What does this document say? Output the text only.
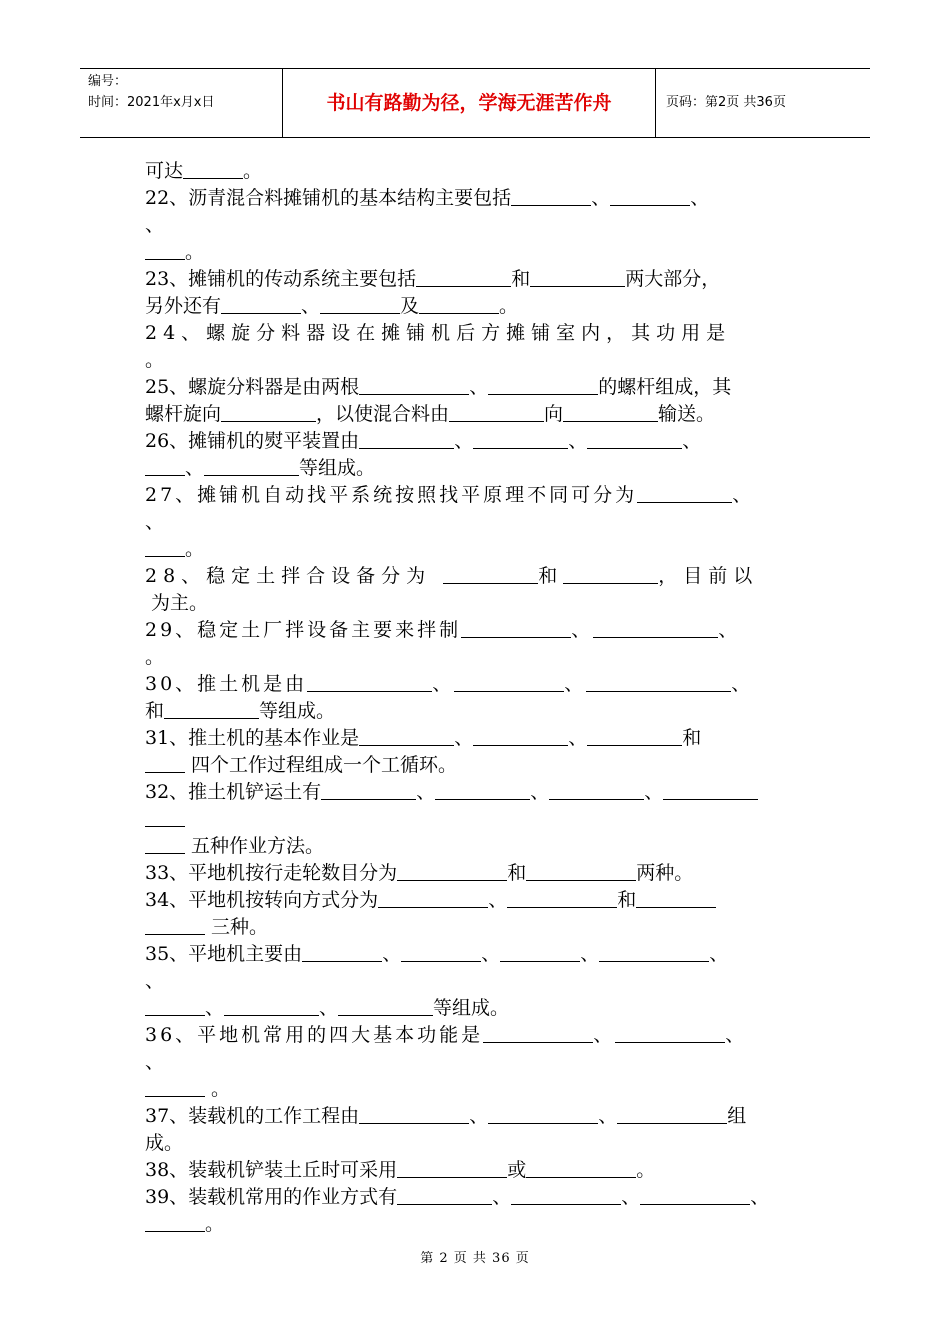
编号：
时间：2021年x月x日	书山有路勤为径，学海无涯苦作舟	页码：第2页 共36页
可达	。
22、沥青混合料摊铺机的基本结构主要包括	、	、
、
。
23、摊铺机的传动系统主要包括	和	两大部分，
另外还有	、	及	。
24、螺旋分料器设在摊铺机后方摊铺室内，其功用是
。
25、螺旋分料器是由两根	、	的螺杆组成，其
螺杆旋向	，以使混合料由	向	输送。
26、摊铺机的熨平装置由	、	、	、
、	等组成。
27、摊铺机自动找平系统按照找平原理不同可分为	、
、
。
28、稳定土拌合设备分为	和	，目前以
为主。
29、稳定土厂拌设备主要来拌制	、	、
。
30、推土机是由	、	、	、
和	等组成。
31、推土机的基本作业是	、	、	和
四个工作过程组成一个工循环。
32、推土机铲运土有	、	、	、
五种作业方法。
33、平地机按行走轮数目分为	和	两种。
34、平地机按转向方式分为	、	和
三种。
35、平地机主要由	、	、	、	、
、
、	、	等组成。
36、平地机常用的四大基本功能是	、	、
、
。
37、装载机的工作工程由	、	、	组
成。
38、装载机铲装土丘时可采用	或	。
39、装载机常用的作业方式有	、	、	、
。
第 2 页 共 36 页
